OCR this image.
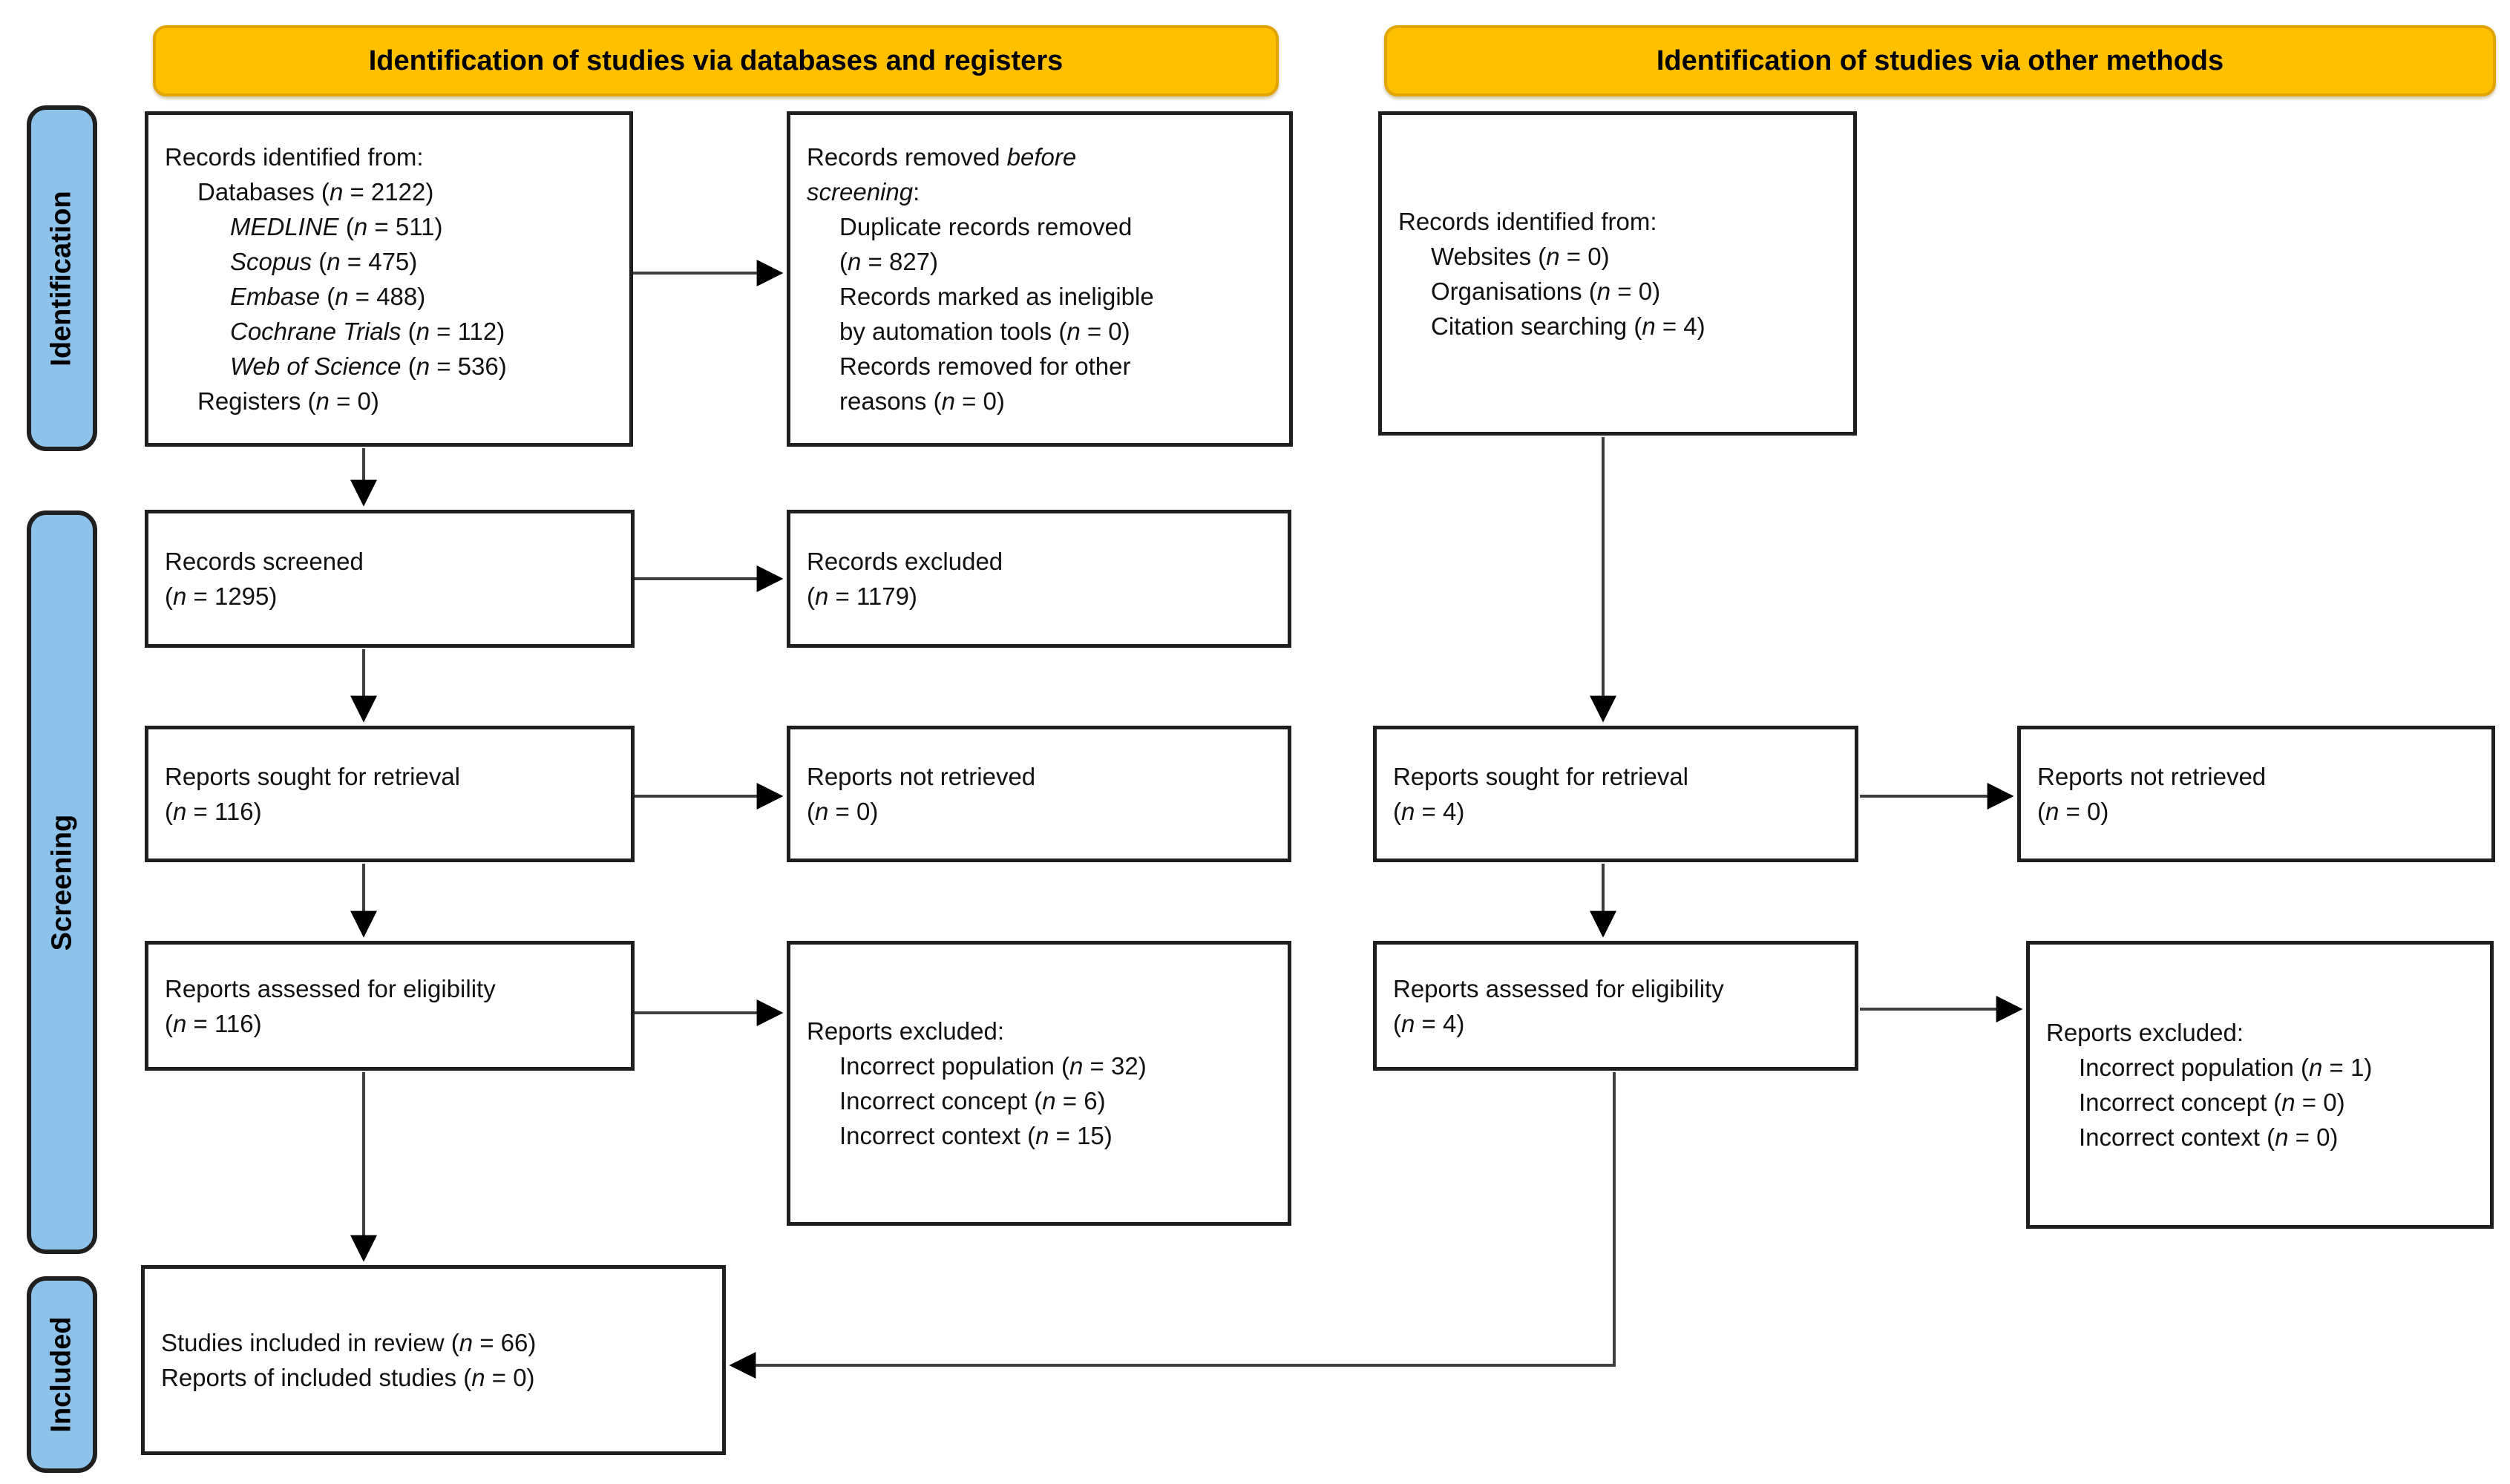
Identification of studies via databases and registers	Identification of studies via other methods
Identification
Screening
Included
Records identified from:
Databases (n = 2122)
MEDLINE (n = 511)
Scopus (n = 475)
Embase (n = 488)
Cochrane Trials (n = 112)
Web of Science (n = 536)
Registers (n = 0)
Records removed before
screening:
Duplicate records removed
(n = 827)
Records marked as ineligible
by automation tools (n = 0)
Records removed for other
reasons (n = 0)
Records identified from:
Websites (n = 0)
Organisations (n = 0)
Citation searching (n = 4)
Records screened
(n = 1295)
Records excluded
(n = 1179)
Reports sought for retrieval
(n = 116)
Reports not retrieved
(n = 0)
Reports sought for retrieval
(n = 4)
Reports not retrieved
(n = 0)
Reports assessed for eligibility
(n = 116)	Reports excluded:
Incorrect population (n = 32)
Incorrect concept (n = 6)
Incorrect context (n = 15)
Reports assessed for eligibility
(n = 4)	Reports excluded:
Incorrect population (n = 1)
Incorrect concept (n = 0)
Incorrect context (n = 0)
Studies included in review (n = 66)
Reports of included studies (n = 0)
